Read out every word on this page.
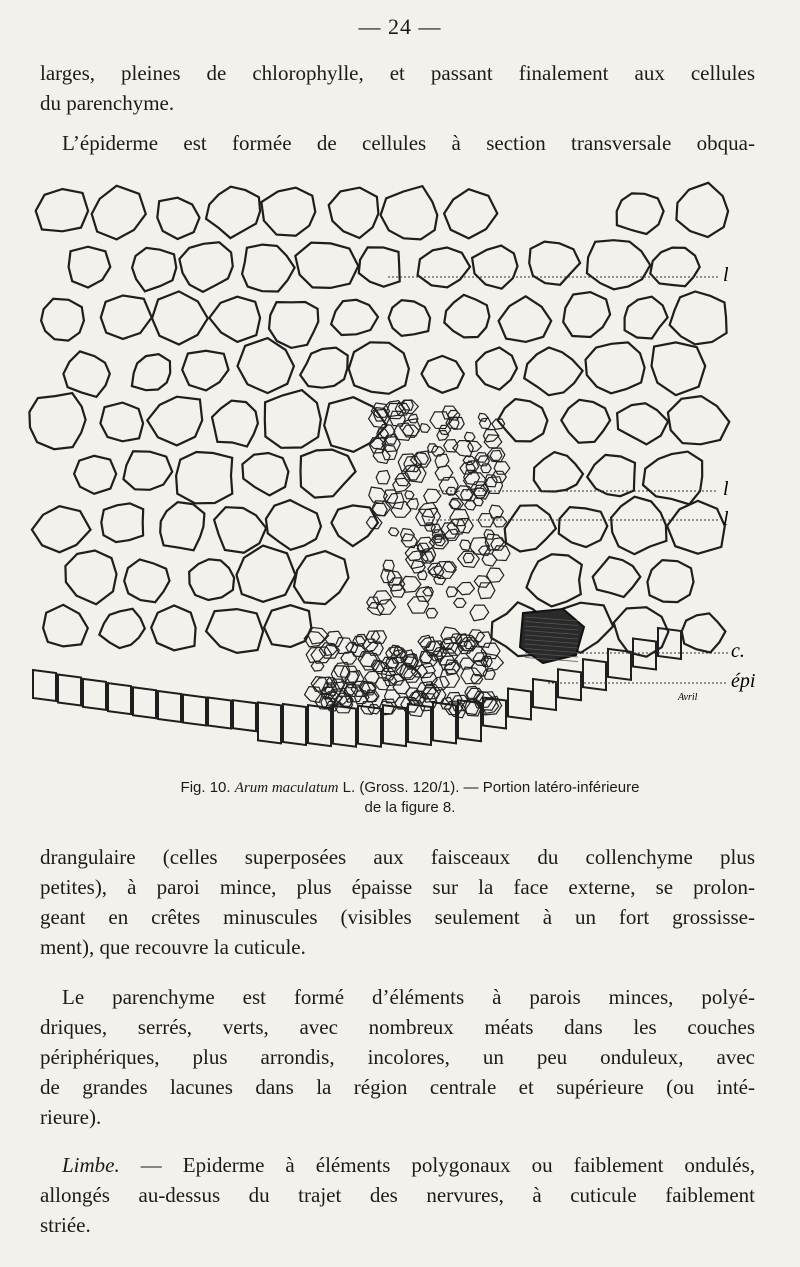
— 24 —
larges, pleines de chlorophylle, et passant finalement aux cellules
du parenchyme.
L’épiderme est formée de cellules à section transversale obqua-
l
l
l
c.
épi
Avril
Fig. 10. Arum maculatum L. (Gross. 120/1). — Portion latéro-inférieure
de la figure 8.
drangulaire (celles superposées aux faisceaux du collenchyme plus
petites), à paroi mince, plus épaisse sur la face externe, se prolon-
geant en crêtes minuscules (visibles seulement à un fort grossisse-
ment), que recouvre la cuticule.
Le parenchyme est formé d’éléments à parois minces, polyé-
driques, serrés, verts, avec nombreux méats dans les couches
périphériques, plus arrondis, incolores, un peu onduleux, avec
de grandes lacunes dans la région centrale et supérieure (ou inté-
rieure).
Limbe. — Epiderme à éléments polygonaux ou faiblement ondulés,
allongés au-dessus du trajet des nervures, à cuticule faiblement
striée.
